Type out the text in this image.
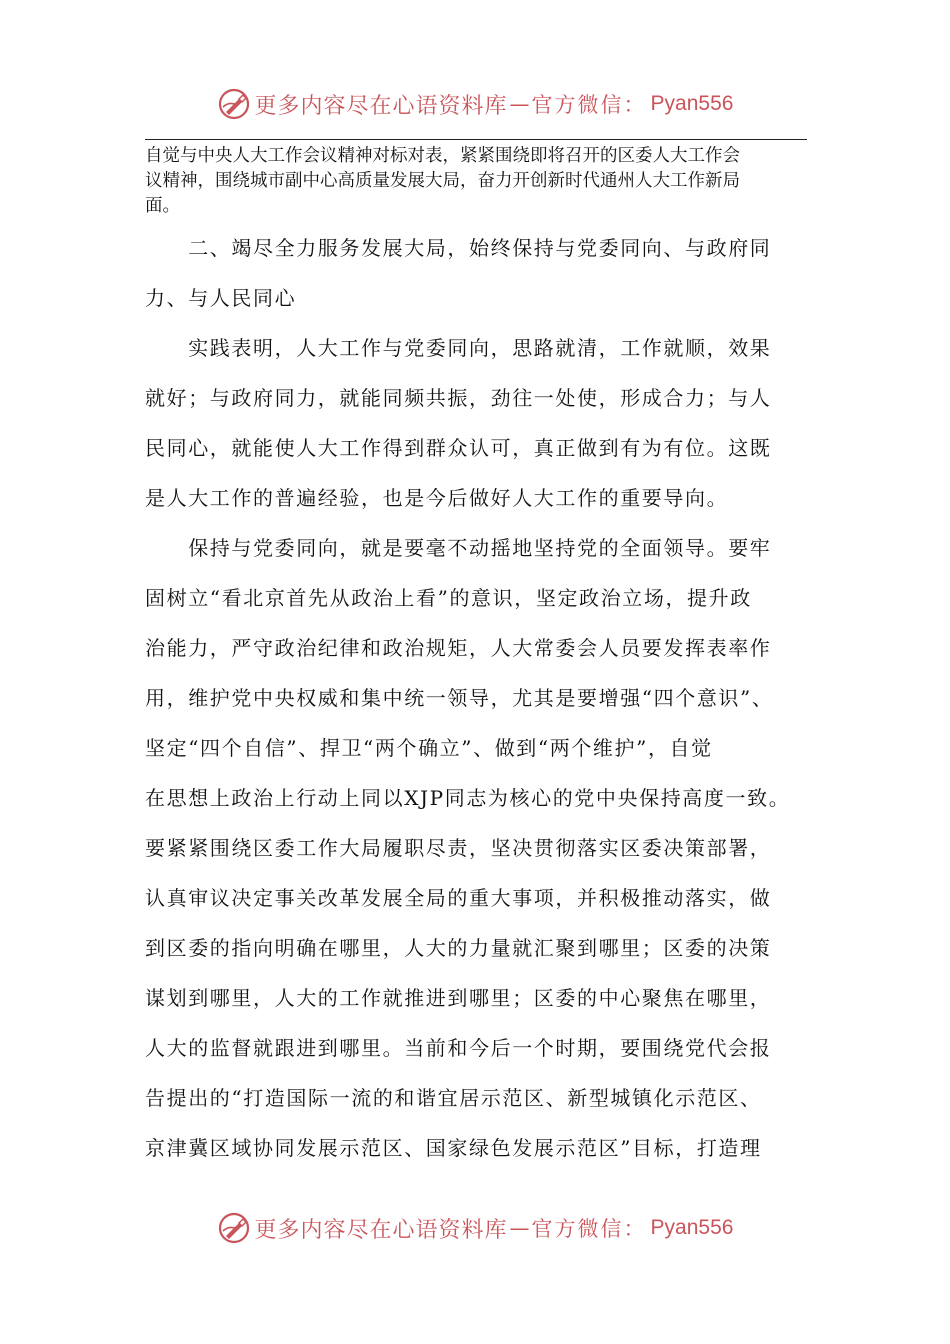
更多内容尽在心语资料库 — 官方微信： Pyan556
自觉与中央人大工作会议精神对标对表，紧紧围绕即将召开的区委人大工作会
议精神，围绕城市副中心高质量发展大局，奋力开创新时代通州人大工作新局
面。
　　二、竭尽全力服务发展大局，始终保持与党委同向、与政府同
力、与人民同心
　　实践表明，人大工作与党委同向，思路就清，工作就顺，效果
就好；与政府同力，就能同频共振，劲往一处使，形成合力；与人
民同心，就能使人大工作得到群众认可，真正做到有为有位。这既
是人大工作的普遍经验，也是今后做好人大工作的重要导向。
　　保持与党委同向，就是要毫不动摇地坚持党的全面领导。要牢
固树立“看北京首先从政治上看”的意识，坚定政治立场，提升政
治能力，严守政治纪律和政治规矩，人大常委会人员要发挥表率作
用，维护党中央权威和集中统一领导，尤其是要增强“四个意识”、
坚定“四个自信”、捍卫“两个确立”、做到“两个维护”，自觉
在思想上政治上行动上同以XJP同志为核心的党中央保持高度一致。
要紧紧围绕区委工作大局履职尽责，坚决贯彻落实区委决策部署，
认真审议决定事关改革发展全局的重大事项，并积极推动落实，做
到区委的指向明确在哪里，人大的力量就汇聚到哪里；区委的决策
谋划到哪里，人大的工作就推进到哪里；区委的中心聚焦在哪里，
人大的监督就跟进到哪里。当前和今后一个时期，要围绕党代会报
告提出的“打造国际一流的和谐宜居示范区、新型城镇化示范区、
京津冀区域协同发展示范区、国家绿色发展示范区”目标，打造理
更多内容尽在心语资料库 — 官方微信： Pyan556
